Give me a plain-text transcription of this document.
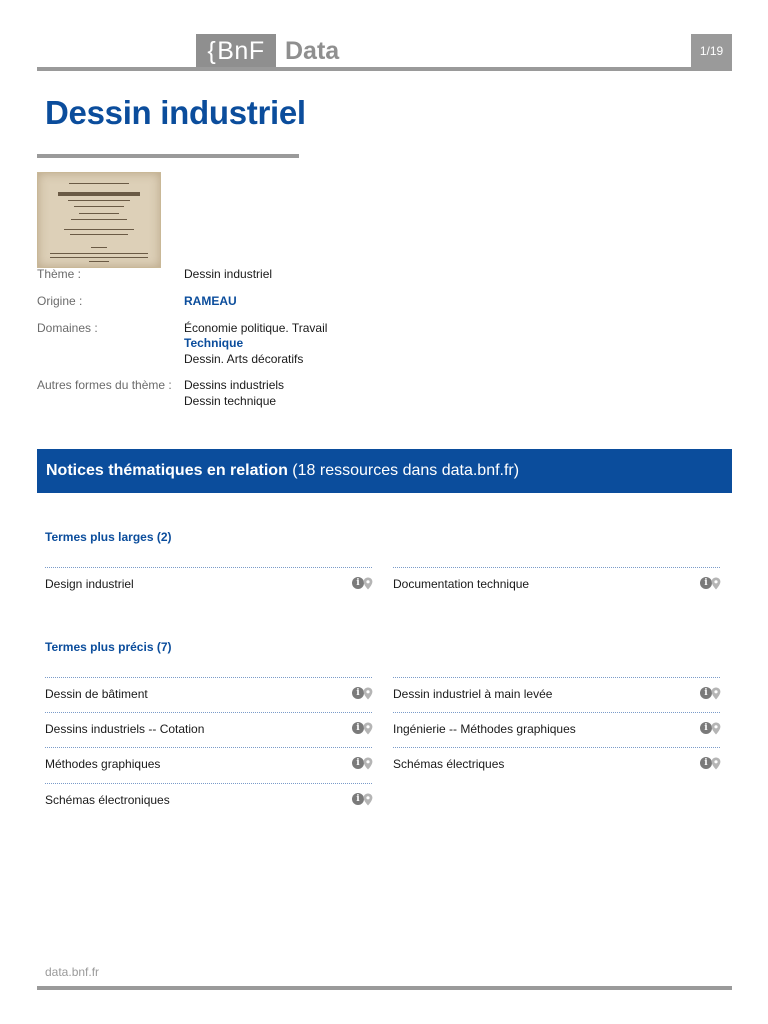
{BnF Data	1/19
Dessin industriel
Thème :	Dessin industriel
Origine :	RAMEAU
Domaines :	Économie politique. Travail
Technique
Dessin. Arts décoratifs
Autres formes du thème : Dessins industriels
Dessin technique
Notices thématiques en relation (18 ressources dans data.bnf.fr)
Termes plus larges (2)
Design industriel	i	Documentation technique	i
Termes plus précis (7)
Dessin de bâtiment	i	Dessin industriel à main levée	i
Dessins industriels -- Cotation	i	Ingénierie -- Méthodes graphiques	i
Méthodes graphiques	i	Schémas électriques	i
Schémas électroniques	i
data.bnf.fr
